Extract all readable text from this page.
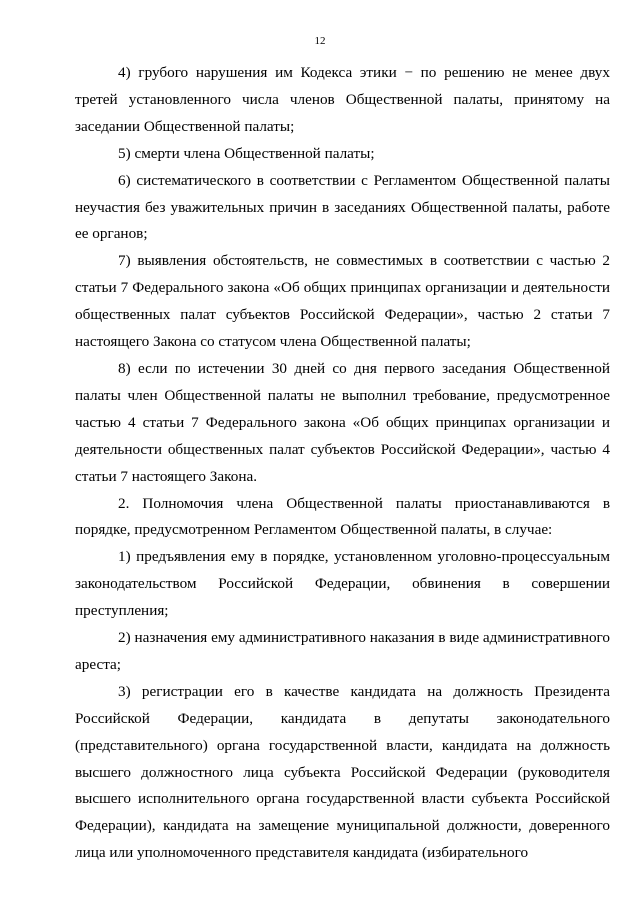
12

4) грубого нарушения им Кодекса этики − по решению не менее двух третей установленного числа членов Общественной палаты, принятому на заседании Общественной палаты;

5) смерти члена Общественной палаты;

6) систематического в соответствии с Регламентом Общественной палаты неучастия без уважительных причин в заседаниях Общественной палаты, работе ее органов;

7) выявления обстоятельств, не совместимых в соответствии с частью 2 статьи 7 Федерального закона «Об общих принципах организации и деятельности общественных палат субъектов Российской Федерации», частью 2 статьи 7 настоящего Закона со статусом члена Общественной палаты;

8) если по истечении 30 дней со дня первого заседания Общественной палаты член Общественной палаты не выполнил требование, предусмотренное частью 4 статьи 7 Федерального закона «Об общих принципах организации и деятельности общественных палат субъектов Российской Федерации», частью 4 статьи 7 настоящего Закона.

2. Полномочия члена Общественной палаты приостанавливаются в порядке, предусмотренном Регламентом Общественной палаты, в случае:

1) предъявления ему в порядке, установленном уголовно-процессуальным законодательством Российской Федерации, обвинения в совершении преступления;

2) назначения ему административного наказания в виде административного ареста;

3) регистрации его в качестве кандидата на должность Президента Российской Федерации, кандидата в депутаты законодательного (представительного) органа государственной власти, кандидата на должность высшего должностного лица субъекта Российской Федерации (руководителя высшего исполнительного органа государственной власти субъекта Российской Федерации), кандидата на замещение муниципальной должности, доверенного лица или уполномоченного представителя кандидата (избирательного
